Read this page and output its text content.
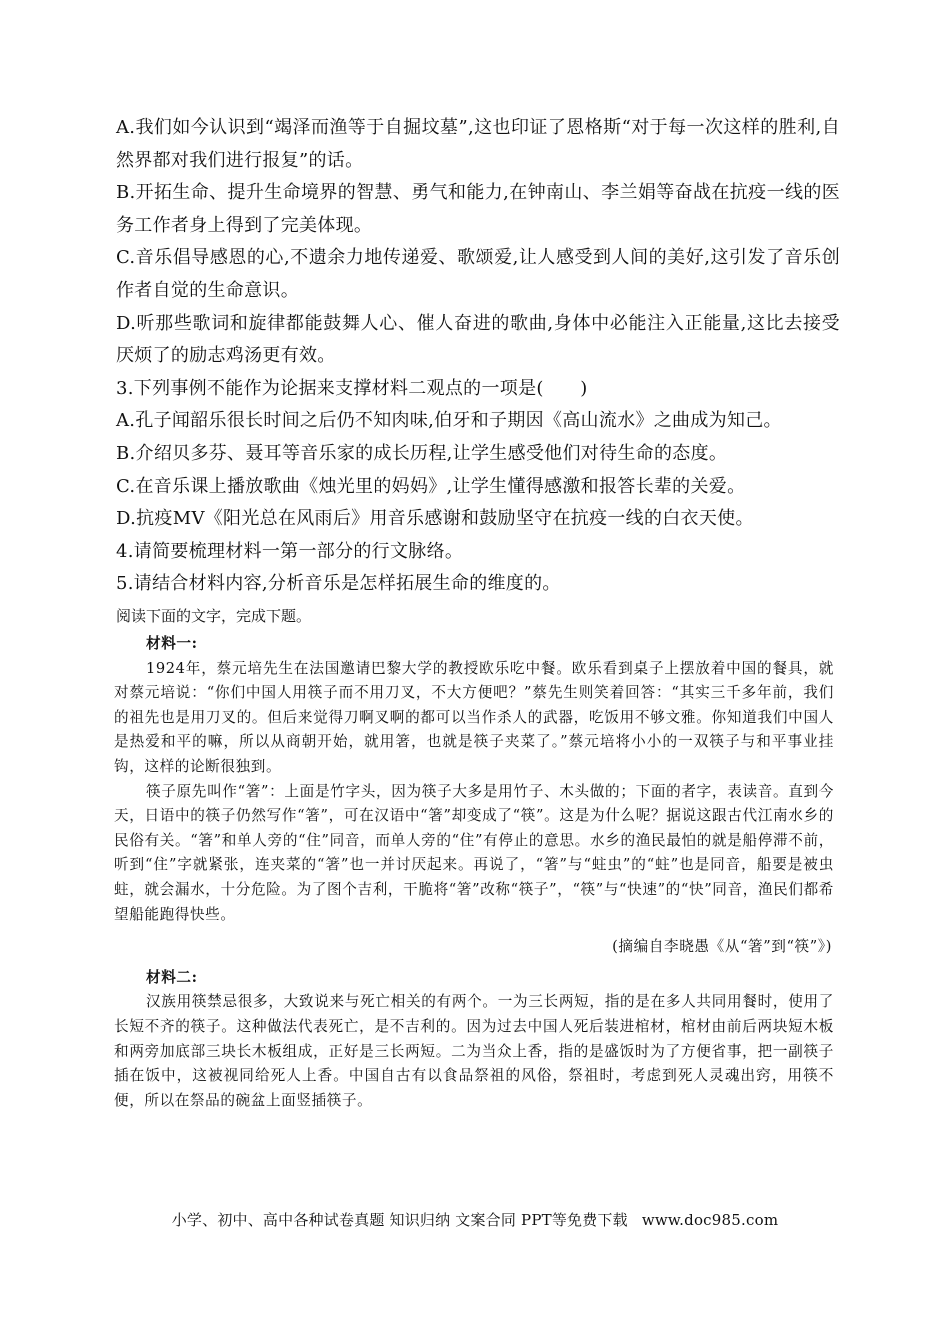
A.我们如今认识到“竭泽而渔等于自掘坟墓”,这也印证了恩格斯“对于每一次这样的胜利,自然界都对我们进行报复”的话。

B.开拓生命、提升生命境界的智慧、勇气和能力,在钟南山、李兰娟等奋战在抗疫一线的医务工作者身上得到了完美体现。

C.音乐倡导感恩的心,不遗余力地传递爱、歌颂爱,让人感受到人间的美好,这引发了音乐创作者自觉的生命意识。

D.听那些歌词和旋律都能鼓舞人心、催人奋进的歌曲,身体中必能注入正能量,这比去接受厌烦了的励志鸡汤更有效。

3.下列事例不能作为论据来支撑材料二观点的一项是(　　)

A.孔子闻韶乐很长时间之后仍不知肉味,伯牙和子期因《高山流水》之曲成为知己。

B.介绍贝多芬、聂耳等音乐家的成长历程,让学生感受他们对待生命的态度。

C.在音乐课上播放歌曲《烛光里的妈妈》,让学生懂得感激和报答长辈的关爱。

D.抗疫MV《阳光总在风雨后》用音乐感谢和鼓励坚守在抗疫一线的白衣天使。

4.请简要梳理材料一第一部分的行文脉络。

5.请结合材料内容,分析音乐是怎样拓展生命的维度的。

阅读下面的文字，完成下题。

材料一:

1924年，蔡元培先生在法国邀请巴黎大学的教授欧乐吃中餐。欧乐看到桌子上摆放着中国的餐具，就对蔡元培说：“你们中国人用筷子而不用刀叉，不大方便吧？”蔡先生则笑着回答：“其实三千多年前，我们的祖先也是用刀叉的。但后来觉得刀啊叉啊的都可以当作杀人的武器，吃饭用不够文雅。你知道我们中国人是热爱和平的嘛，所以从商朝开始，就用箸，也就是筷子夹菜了。”蔡元培将小小的一双筷子与和平事业挂钩，这样的论断很独到。

筷子原先叫作“箸”：上面是竹字头，因为筷子大多是用竹子、木头做的；下面的者字，表读音。直到今天，日语中的筷子仍然写作“箸”，可在汉语中“箸”却变成了“筷”。这是为什么呢？据说这跟古代江南水乡的民俗有关。“箸”和单人旁的“住”同音，而单人旁的“住”有停止的意思。水乡的渔民最怕的就是船停滞不前，听到“住”字就紧张，连夹菜的“箸”也一并讨厌起来。再说了，“箸”与“蛀虫”的“蛀”也是同音，船要是被虫蛀，就会漏水，十分危险。为了图个吉利，干脆将“箸”改称“筷子”，“筷”与“快速”的“快”同音，渔民们都希望船能跑得快些。

(摘编自李晓愚《从“箸”到“筷”》)

材料二:

汉族用筷禁忌很多，大致说来与死亡相关的有两个。一为三长两短，指的是在多人共同用餐时，使用了长短不齐的筷子。这种做法代表死亡，是不吉利的。因为过去中国人死后装进棺材，棺材由前后两块短木板和两旁加底部三块长木板组成，正好是三长两短。二为当众上香，指的是盛饭时为了方便省事，把一副筷子插在饭中，这被视同给死人上香。中国自古有以食品祭祖的风俗，祭祖时，考虑到死人灵魂出窍，用筷不便，所以在祭品的碗盆上面竖插筷子。

小学、初中、高中各种试卷真题 知识归纳 文案合同 PPT等免费下载 www.doc985.com
